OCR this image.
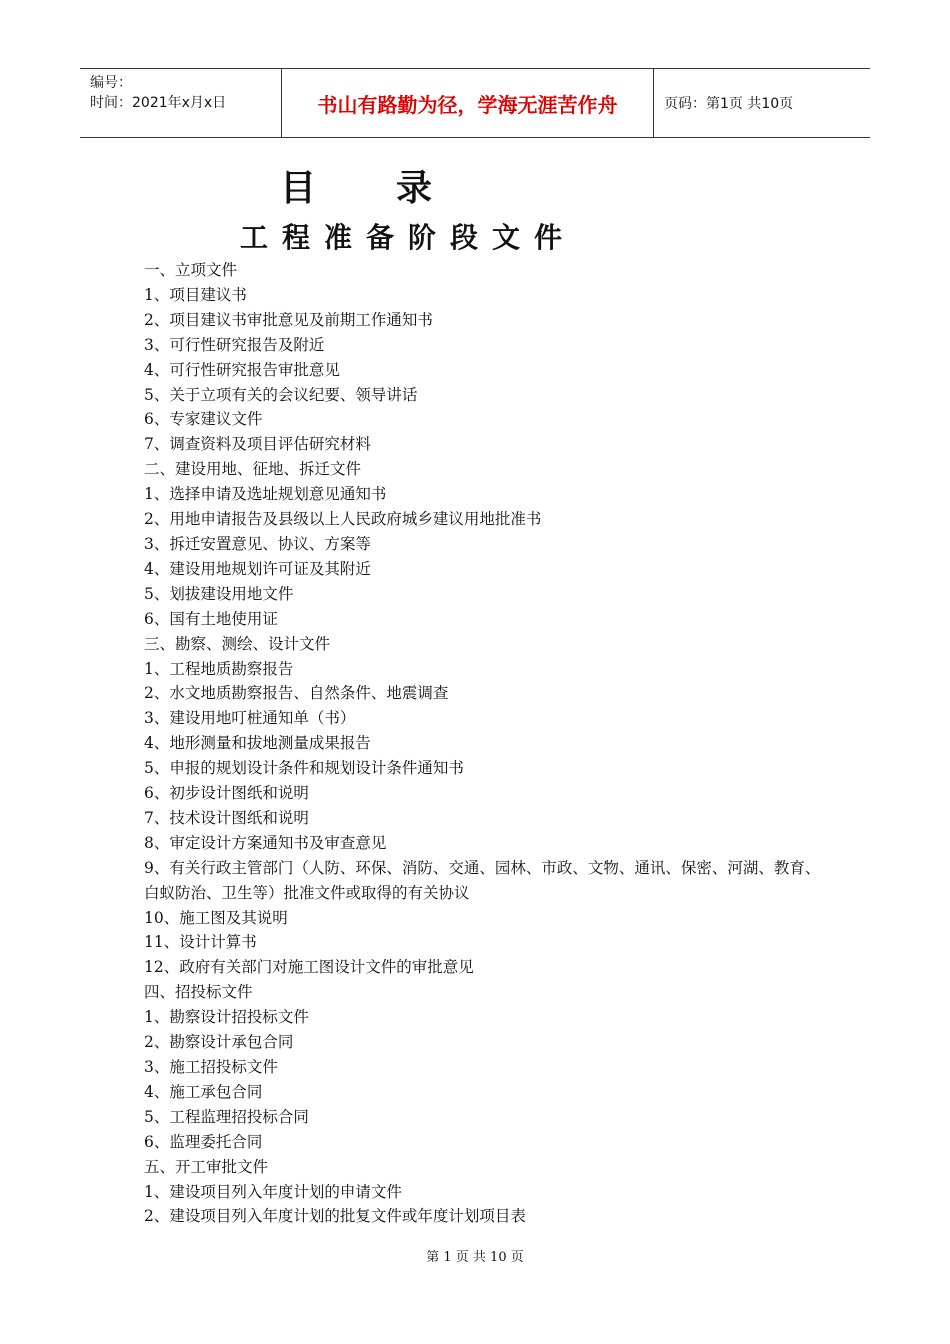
编号：
时间：2021年x月x日	书山有路勤为径，学海无涯苦作舟	页码：第1页 共10页
目录
工程准备阶段文件
一、立项文件
1、项目建议书
2、项目建议书审批意见及前期工作通知书
3、可行性研究报告及附近
4、可行性研究报告审批意见
5、关于立项有关的会议纪要、领导讲话
6、专家建议文件
7、调查资料及项目评估研究材料
二、建设用地、征地、拆迁文件
1、选择申请及选址规划意见通知书
2、用地申请报告及县级以上人民政府城乡建议用地批准书
3、拆迁安置意见、协议、方案等
4、建设用地规划许可证及其附近
5、划拔建设用地文件
6、国有土地使用证
三、勘察、测绘、设计文件
1、工程地质勘察报告
2、水文地质勘察报告、自然条件、地震调查
3、建设用地叮桩通知单（书）
4、地形测量和拔地测量成果报告
5、申报的规划设计条件和规划设计条件通知书
6、初步设计图纸和说明
7、技术设计图纸和说明
8、审定设计方案通知书及审查意见
9、有关行政主管部门（人防、环保、消防、交通、园林、市政、文物、通讯、保密、河湖、教育、白蚁防治、卫生等）批准文件或取得的有关协议
10、施工图及其说明
11、设计计算书
12、政府有关部门对施工图设计文件的审批意见
四、招投标文件
1、勘察设计招投标文件
2、勘察设计承包合同
3、施工招投标文件
4、施工承包合同
5、工程监理招投标合同
6、监理委托合同
五、开工审批文件
1、建设项目列入年度计划的申请文件
2、建设项目列入年度计划的批复文件或年度计划项目表
第 1 页 共 10 页
